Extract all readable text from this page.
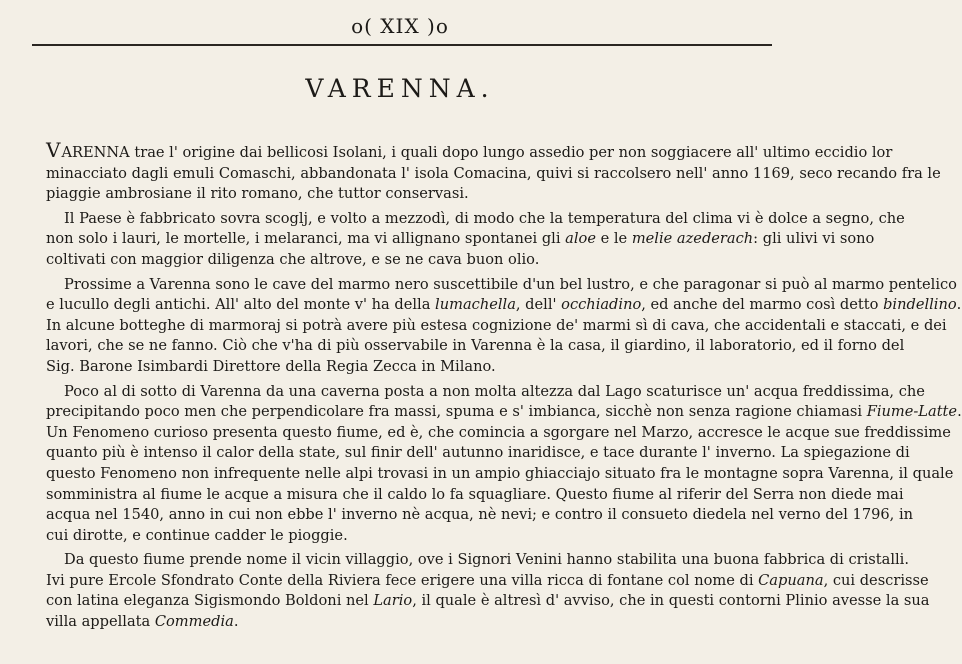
o( XIX )o
VARENNA.
VARENNA trae l' origine dai bellicosi Isolani, i quali dopo lungo assedio per non soggiacere all' ultimo eccidio lor
minacciato dagli emuli Comaschi, abbandonata l' isola Comacina, quivi si raccolsero nell' anno 1169, seco recando fra le
piaggie ambrosiane il rito romano, che tuttor conservasi.
Il Paese è fabbricato sovra scoglj, e volto a mezzodì, di modo che la temperatura del clima vi è dolce a segno, che
non solo i lauri, le mortelle, i melaranci, ma vi allignano spontanei gli aloe e le melie azederach: gli ulivi vi sono
coltivati con maggior diligenza che altrove, e se ne cava buon olio.
Prossime a Varenna sono le cave del marmo nero suscettibile d'un bel lustro, e che paragonar si può al marmo pentelico
e lucullo degli antichi. All' alto del monte v' ha della lumachella, dell' occhiadino, ed anche del marmo così detto bindellino.
In alcune botteghe di marmoraj si potrà avere più estesa cognizione de' marmi sì di cava, che accidentali e staccati, e dei
lavori, che se ne fanno. Ciò che v'ha di più osservabile in Varenna è la casa, il giardino, il laboratorio, ed il forno del
Sig. Barone Isimbardi Direttore della Regia Zecca in Milano.
Poco al di sotto di Varenna da una caverna posta a non molta altezza dal Lago scaturisce un' acqua freddissima, che
precipitando poco men che perpendicolare fra massi, spuma e s' imbianca, sicchè non senza ragione chiamasi Fiume-Latte.
Un Fenomeno curioso presenta questo fiume, ed è, che comincia a sgorgare nel Marzo, accresce le acque sue freddissime
quanto più è intenso il calor della state, sul finir dell' autunno inaridisce, e tace durante l' inverno. La spiegazione di
questo Fenomeno non infrequente nelle alpi trovasi in un ampio ghiacciajo situato fra le montagne sopra Varenna, il quale
somministra al fiume le acque a misura che il caldo lo fa squagliare. Questo fiume al riferir del Serra non diede mai
acqua nel 1540, anno in cui non ebbe l' inverno nè acqua, nè nevi; e contro il consueto diedela nel verno del 1796, in
cui dirotte, e continue cadder le pioggie.
Da questo fiume prende nome il vicin villaggio, ove i Signori Venini hanno stabilita una buona fabbrica di cristalli.
Ivi pure Ercole Sfondrato Conte della Riviera fece erigere una villa ricca di fontane col nome di Capuana, cui descrisse
con latina eleganza Sigismondo Boldoni nel Lario, il quale è altresì d' avviso, che in questi contorni Plinio avesse la sua
villa appellata Commedia.
